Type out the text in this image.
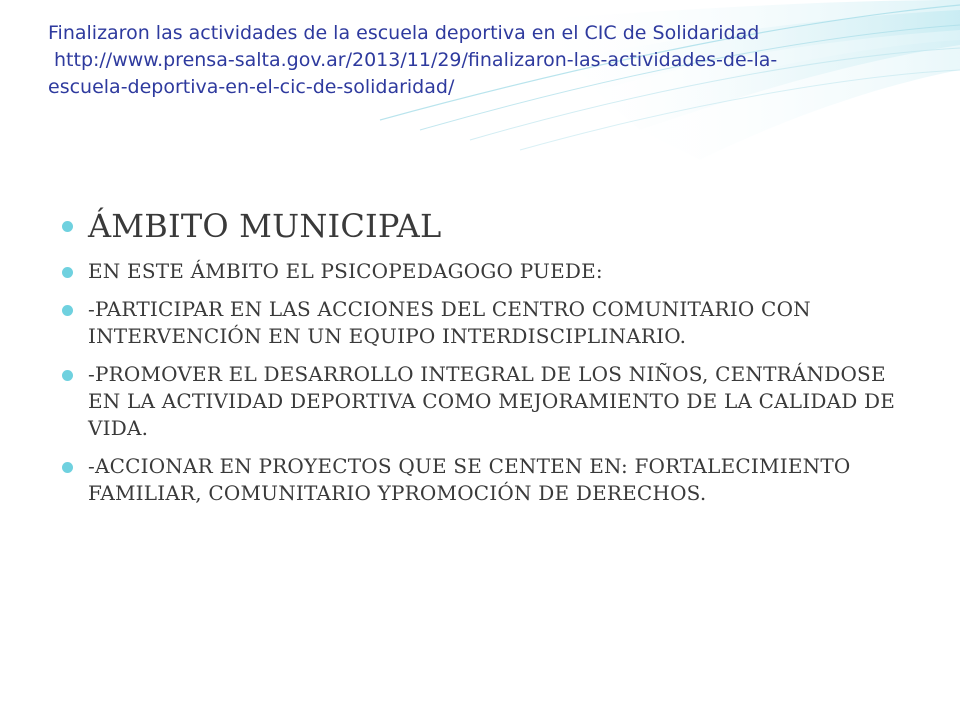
Finalizaron las actividades de la escuela deportiva en el CIC de Solidaridad
http://www.prensa-salta.gov.ar/2013/11/29/finalizaron-las-actividades-de-la-
escuela-deportiva-en-el-cic-de-solidaridad/
ÁMBITO MUNICIPAL
EN ESTE ÁMBITO EL PSICOPEDAGOGO PUEDE:
-PARTICIPAR EN LAS ACCIONES DEL CENTRO COMUNITARIO CON INTERVENCIÓN EN UN EQUIPO INTERDISCIPLINARIO.
-PROMOVER EL DESARROLLO INTEGRAL DE LOS NIÑOS, CENTRÁNDOSE EN LA ACTIVIDAD DEPORTIVA COMO MEJORAMIENTO DE LA CALIDAD DE VIDA.
-ACCIONAR EN PROYECTOS QUE SE CENTEN EN: FORTALECIMIENTO FAMILIAR, COMUNITARIO YPROMOCIÓN DE DERECHOS.
